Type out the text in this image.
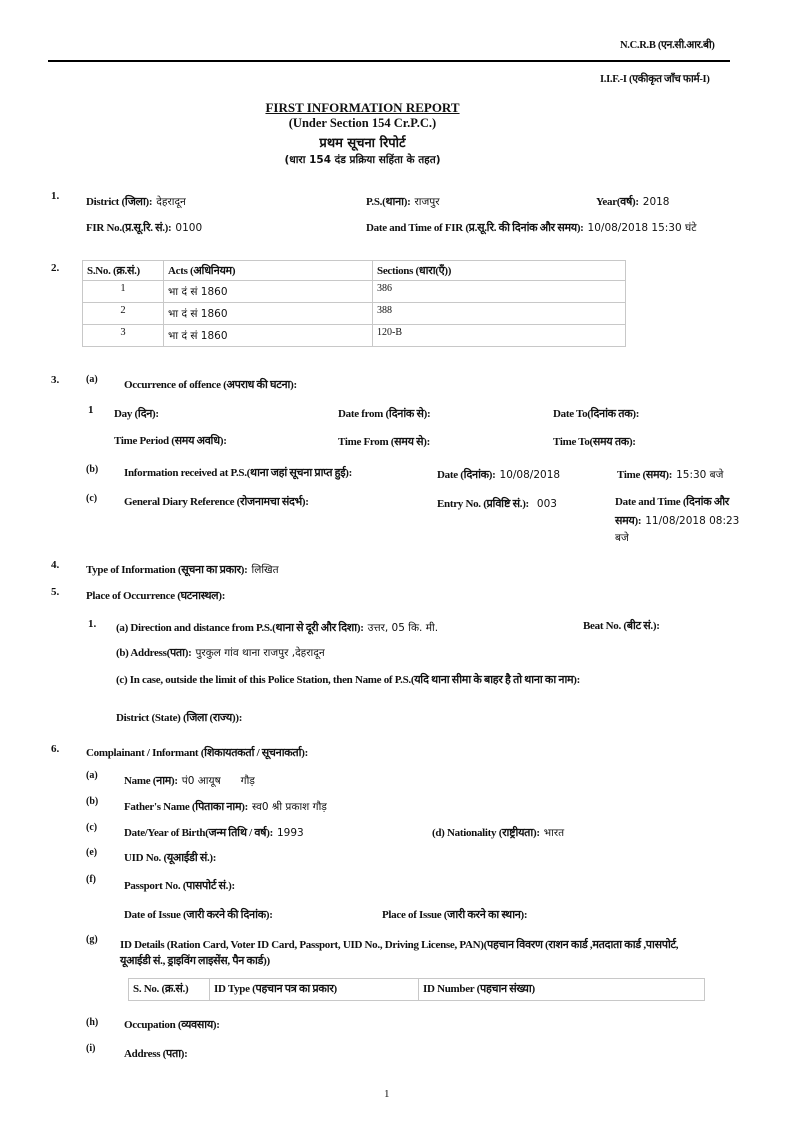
N.C.R.B (एन.सी.आर.बी)
I.I.F.-I (एकीकृत जाँच फार्म-I)
FIRST INFORMATION REPORT
(Under Section 154 Cr.P.C.)
प्रथम सूचना रिपोर्ट
(धारा 154 दंड प्रक्रिया सहिंता के तहत)
1. District (जिला): देहरादून	P.S.(थाना): राजपुर	Year(वर्ष): 2018
FIR No.(प्र.सू.रि. सं.): 0100	Date and Time of FIR (प्र.सू.रि. की दिनांक और समय): 10/08/2018 15:30 घंटे
2.	S.No. (क्र.सं.)	Acts (अधिनियम)	Sections (धारा(एँ))
1	भा दं सं 1860	386
2	भा दं सं 1860	388
3	भा दं सं 1860	120-B
3.	(a) Occurrence of offence (अपराध की घटना):
1 Day (दिन):	Date from (दिनांक से):	Date To(दिनांक तक):
Time Period (समय अवधि):	Time From (समय से):	Time To(समय तक):
(b) Information received at P.S.(थाना जहां सूचना प्राप्त हुई):	Date (दिनांक): 10/08/2018	Time (समय): 15:30 बजे
(c) General Diary Reference (रोजनामचा संदर्भ):	Entry No. (प्रविष्टि सं.): 003	Date and Time (दिनांक और
समय): 11/08/2018 08:23
बजे
4. Type of Information (सूचना का प्रकार): लिखित
5. Place of Occurrence (घटनास्थल):
1. (a) Direction and distance from P.S.(थाना से दूरी और दिशा): उत्तर, 05 कि. मी.	Beat No. (बीट सं.):
(b) Address(पता): पुरकुल गांव थाना राजपुर ,देहरादून
(c) In case, outside the limit of this Police Station, then Name of P.S.(यदि थाना सीमा के बाहर है तो थाना का नाम):
District (State) (जिला (राज्य)):
6. Complainant / Informant (शिकायतकर्ता / सूचनाकर्ता):
(a) Name (नाम): पं0 आयूष      गौड़
(b) Father's Name (पिताका नाम): स्व0 श्री प्रकाश गौड़
(c) Date/Year of Birth(जन्म तिथि / वर्ष): 1993	(d) Nationality (राष्ट्रीयता): भारत
(e) UID No. (यूआईडी सं.):
(f)
Passport No. (पासपोर्ट सं.):
Date of Issue (जारी करने की दिनांक):	Place of Issue (जारी करने का स्थान):
(g) ID Details (Ration Card, Voter ID Card, Passport, UID No., Driving License, PAN)(पहचान विवरण (राशन कार्ड ,मतदाता कार्ड ,पासपोर्ट,
यूआईडी सं., ड्राइविंग लाइसेंस, पैन कार्ड))
S. No. (क्र.सं.)	ID Type (पहचान पत्र का प्रकार)	ID Number (पहचान संख्या)
(h) Occupation (व्यवसाय):
(i)	Address (पता):
1
